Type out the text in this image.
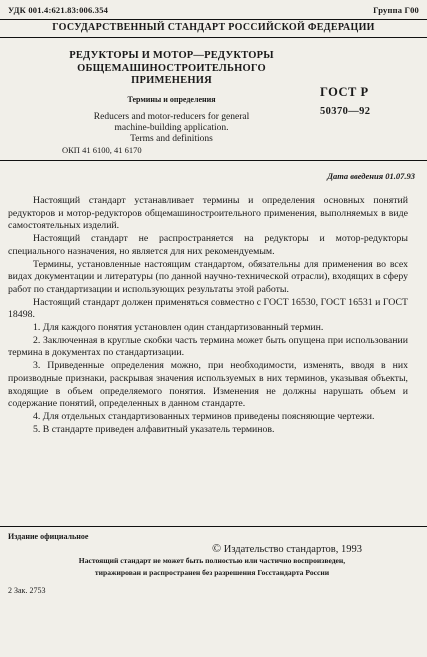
УДК 001.4:621.83:006.354	Группа Г00
ГОСУДАРСТВЕННЫЙ СТАНДАРТ РОССИЙСКОЙ ФЕДЕРАЦИИ
РЕДУКТОРЫ И МОТОР—РЕДУКТОРЫ
ОБЩЕМАШИНОСТРОИТЕЛЬНОГО
ПРИМЕНЕНИЯ
Термины и определения
Reducers and motor-reducers for general
machine-building application.
Terms and definitions
ГОСТ Р
50370—92
ОКП 41 6100, 41 6170
Дата введения 01.07.93

Настоящий стандарт устанавливает термины и определения основных понятий редукторов и мотор-редукторов общемашиностроительного применения, выполняемых в виде самостоятельных изделий.

Настоящий стандарт не распространяется на редукторы и мотор-редукторы специального назначения, но является для них рекомендуемым.

Термины, установленные настоящим стандартом, обязательны для применения во всех видах документации и литературы (по данной научно-технической отрасли), входящих в сферу работ по стандартизации и использующих результаты этой работы.

Настоящий стандарт должен применяться совместно с ГОСТ 16530, ГОСТ 16531 и ГОСТ 18498.

1. Для каждого понятия установлен один стандартизованный термин.

2. Заключенная в круглые скобки часть термина может быть опущена при использовании термина в документах по стандартизации.

3. Приведенные определения можно, при необходимости, изменять, вводя в них производные признаки, раскрывая значения используемых в них терминов, указывая объекты, входящие в объем определяемого понятия. Изменения не должны нарушать объем и содержание понятий, определенных в данном стандарте.

4. Для отдельных стандартизованных терминов приведены поясняющие чертежи.

5. В стандарте приведен алфавитный указатель терминов.

Издание официальное
© Издательство стандартов, 1993
Настоящий стандарт не может быть полностью или частично воспроизведен,
тиражирован и распространен без разрешения Госстандарта России
2 Зак. 2753
